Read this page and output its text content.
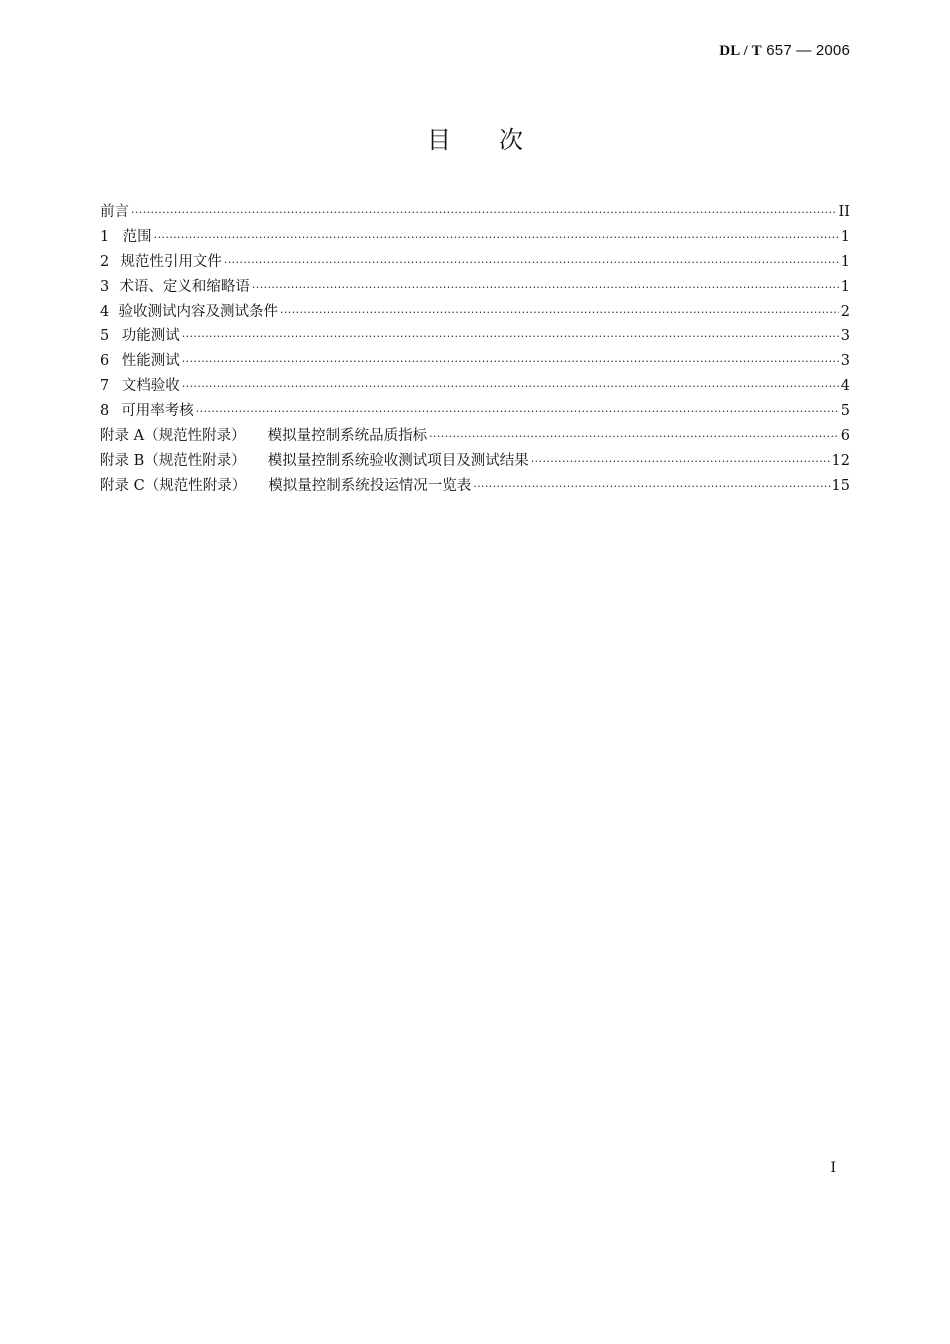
DL / T 657 — 2006
目次
前言 ·····	II
1 范围 ·····	1
2 规范性引用文件 ·····	1
3 术语、定义和缩略语 ·····	1
4 验收测试内容及测试条件 ·····	2
5 功能测试 ·····	3
6 性能测试 ·····	3
7 文档验收 ·····	4
8 可用率考核 ·····	5
附录 A（规范性附录） 模拟量控制系统品质指标 ·····	6
附录 B（规范性附录） 模拟量控制系统验收测试项目及测试结果 ·····	12
附录 C（规范性附录） 模拟量控制系统投运情况一览表 ·····	15
I
